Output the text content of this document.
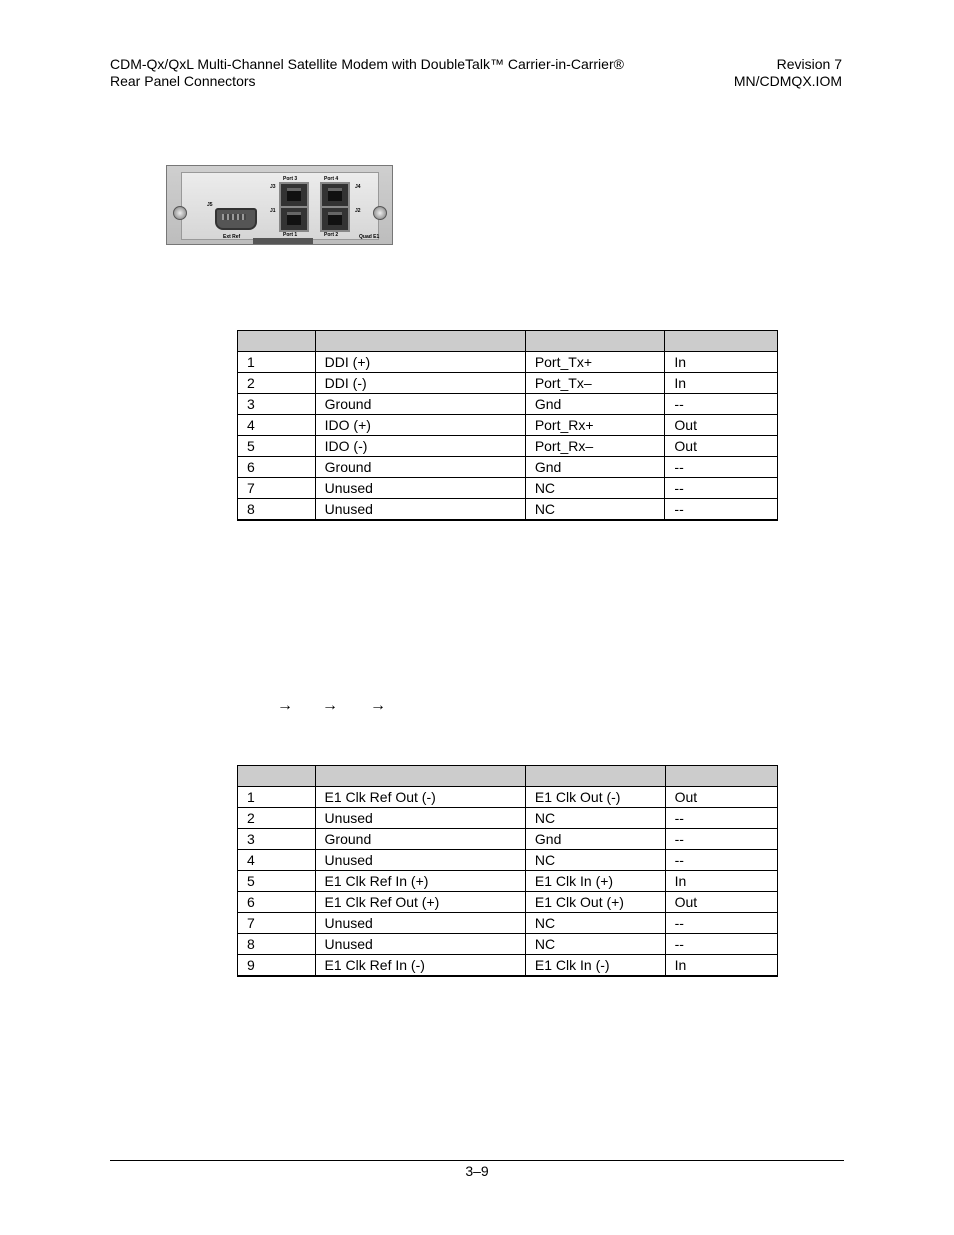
CDM-Qx/QxL Multi-Channel Satellite Modem with DoubleTalk™ Carrier-in-Carrier®
Rear Panel Connectors
Revision 7
MN/CDMQX.IOM
J5
Ext Ref
Port 3	Port 4
J3
J1
J4
J2
Port 1	Port 2	Quad E1

1	DDI (+)	Port_Tx+	In
2	DDI (-)	Port_Tx–	In
3	Ground	Gnd	--
4	IDO (+)	Port_Rx+	Out
5	IDO (-)	Port_Rx–	Out
6	Ground	Gnd	--
7	Unused	NC	--
8	Unused	NC	--
→ → →

1	E1 Clk Ref Out (-)	E1 Clk Out (-)	Out
2	Unused	NC	--
3	Ground	Gnd	--
4	Unused	NC	--
5	E1 Clk Ref In (+)	E1 Clk In (+)	In
6	E1 Clk Ref Out (+)	E1 Clk Out (+)	Out
7	Unused	NC	--
8	Unused	NC	--
9	E1 Clk Ref In (-)	E1 Clk In (-)	In
3–9
